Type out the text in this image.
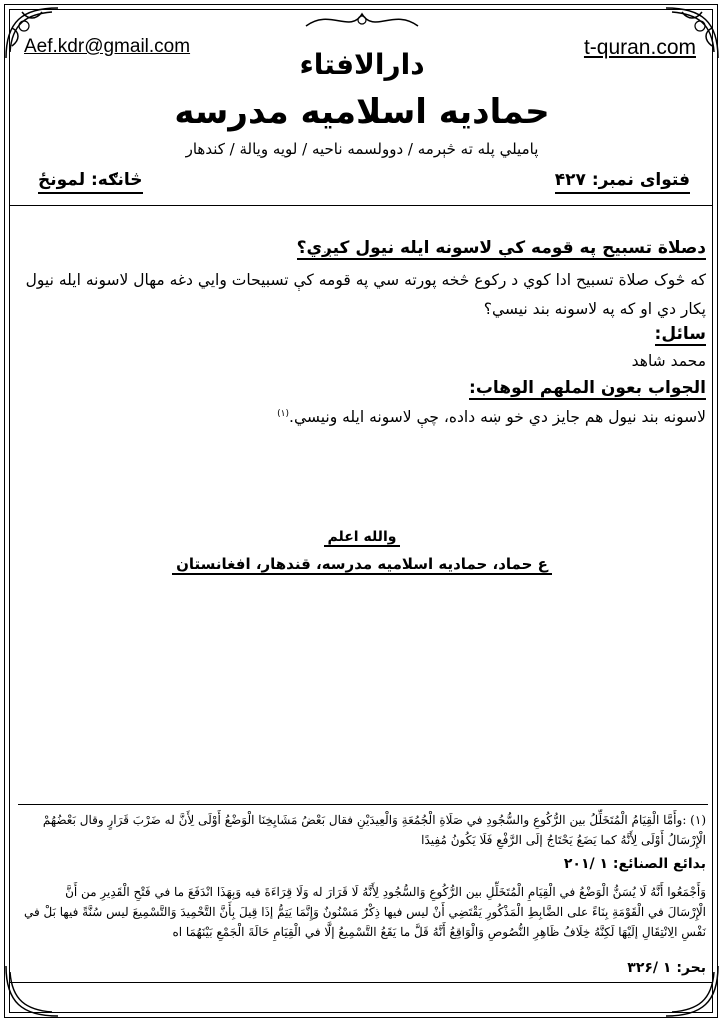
Aef.kdr@gmail.com	t-quran.com
دارالافتاء
حمادیه اسلامیه مدرسه
پاميلي پله ته څېرمه / دوولسمه ناحيه / لويه ويالة / کندهار
فتوای نمبر: ۴۲۷
څانګه: لمونځ
دصلاة تسبيح په قومه کې لاسونه ايله نيول کيږي؟
که څوک صلاة تسبيح ادا کوي د رکوع څخه پورته سي په قومه کې تسبيحات وايي دغه مهال لاسونه ايله نيول
پکار دي او که په لاسونه بند نيسي؟
سائل:
محمد شاهد
الجواب بعون الملهم الوهاب:
لاسونه بند نيول هم جايز دي خو ښه داده، چې لاسونه ايله ونيسي.$^{(۱)}$
والله اعلم
ع حماد، حمادیه اسلامیه مدرسه، قندهار، افغانستان
(۱) :وأَمَّا الْقِيَامُ الْمُتَخَلِّلُ بين الرُّكُوعِ والسُّجُودِ في صَلَاةِ الْجُمُعَةِ وَالْعِيدَيْنِ فقال بَعْضُ مَشَايِخِنَا الْوَضْعُ أَوْلَى لِأَنَّ له ضَرْبَ قَرَارٍ وقال بَعْضُهُمْ
الْإِرْسَالُ أَوْلَى لِأَنَّهُ كما يَضَعُ يَحْتَاجُ إلَى الرَّفْعِ فَلَا يَكُونُ مُفِيدًا
بدائع الصنائع: ۱ /۲۰۱
وَأَجْمَعُوا أَنَّهُ لَا يُسَنُّ الْوَضْعُ في الْقِيَامِ الْمُتَخَلِّلِ بين الرُّكُوعِ وَالسُّجُودِ لِأَنَّهُ لَا قَرَارَ له وَلَا قِرَاءَةَ فيه وَبِهَذَا انْدَفَعَ ما في فَتْحِ الْقَدِيرِ من أَنَّ
الْإِرْسَالَ في الْقَوْمَةِ بِنَاءً على الضَّابِطِ الْمَذْكُورِ يَقْتَضِي أَنْ ليس فيها ذِكْرٌ مَسْنُونٌ وَإِنَّمَا يَتِمُّ إذَا قِيلَ بِأَنَّ التَّحْمِيدَ وَالتَّسْمِيعَ ليس سُنَّةً فيها بَلْ في
نَفْسِ الِانْتِقَالِ إلَيْهَا لَكِنَّهُ خِلَافُ ظَاهِرِ النُّصُوصِ وَالْوَاقِعُ أَنَّهُ قَلَّ ما يَقَعُ التَّسْمِيعُ إلَّا في الْقِيَامِ حَالَةَ الْجَمْعِ بَيْنَهُمَا اه
بحر: ۱ /۳۲۶
